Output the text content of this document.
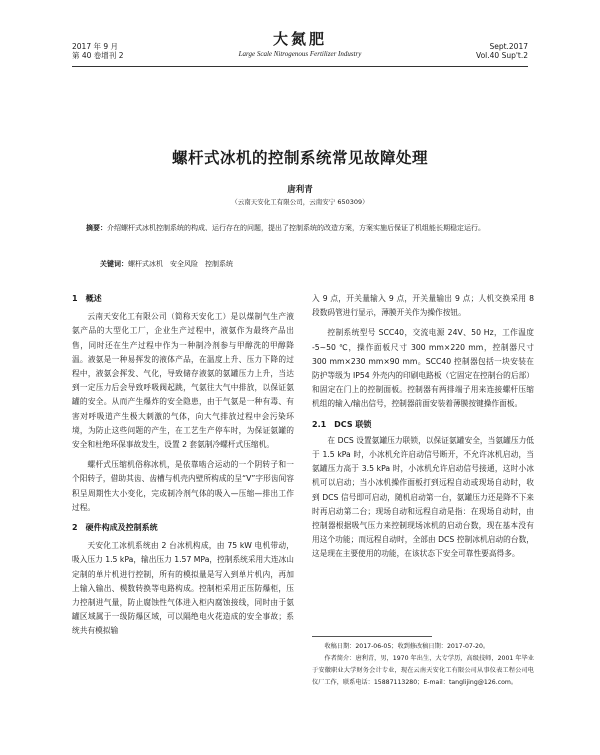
2017 年 9 月
第 40 卷增刊 2
大氮肥
Large Scale Nitrogenous Fertilizer Industry
Sept.2017
Vol.40 Sup't.2
螺杆式冰机的控制系统常见故障处理
唐利青
（云南天安化工有限公司，云南安宁 650309）
摘要：介绍螺杆式冰机控制系统的构成、运行存在的问题，提出了控制系统的改造方案，方案实施后保证了机组能长期稳定运行。
关键词：螺杆式冰机　安全风险　控制系统
1　概述

云南天安化工有限公司（简称天安化工）是以煤制气生产液氨产品的大型化工厂，企业生产过程中，液氨作为最终产品出售，同时还在生产过程中作为一种制冷剂参与甲醇洗的甲醇降温。液氨是一种易挥发的液体产品，在温度上升、压力下降的过程中，液氨会挥发、气化，导致储存液氨的氨罐压力上升，当达到一定压力后会导致呼吸阀起跳，气氨往大气中排放，以保证氨罐的安全。从而产生爆炸的安全隐患，由于气氨是一种有毒、有害对呼吸道产生极大刺激的气体，向大气排放过程中会污染环境，为防止这些问题的产生，在工艺生产停车时，为保证氨罐的安全和杜绝环保事故发生，设置 2 套氨制冷螺杆式压缩机。

螺杆式压缩机俗称冰机，是依靠啮合运动的一个阴转子和一个阳转子，借助其齿、齿槽与机壳内壁所构成的呈“V”字形齿间容积呈周期性大小变化，完成制冷剂气体的吸入—压缩—排出工作过程。

2　硬件构成及控制系统

天安化工冰机系统由 2 台冰机构成，由 75 kW 电机带动，吸入压力 1.5 kPa，输出压力 1.57 MPa，控制系统采用大连冰山定制的单片机进行控制，所有的模拟量是写入到单片机内，再加上输入输出、模数转换等电路构成。控制柜采用正压防爆柜，压力控制进气量，防止腐蚀性气体进入柜内腐蚀接线，同时由于氨罐区域属于一级防爆区域，可以隔绝电火花造成的安全事故；系统共有模拟输

入 9 点，开关量输入 9 点，开关量输出 9 点；人机交换采用 8 段数码管进行显示，薄膜开关作为操作按钮。

控制系统型号 SCC40，交流电源 24V、50 Hz，工作温度 -5~50 ℃，操作面板尺寸 300 mm×220 mm，控制器尺寸 300 mm×230 mm×90 mm。SCC40 控制器包括一块安装在防护等级为 IP54 外壳内的印刷电路板（它固定在控制台的后部）和固定在门上的控制面板。控制器有两排端子用来连接螺杆压缩机组的输入/输出信号，控制器前面安装着薄膜按键操作面板。

2.1　DCS 联锁

在 DCS 设置氨罐压力联锁，以保证氨罐安全，当氨罐压力低于 1.5 kPa 时，小冰机允许启动信号断开，不允许冰机启动，当氨罐压力高于 3.5 kPa 时，小冰机允许启动信号接通，这时小冰机可以启动；当小冰机操作面板打到远程自动或现场自动时，收到 DCS 信号即可启动，随机启动第一台，氨罐压力还是降不下来时再启动第二台；现场自动和远程自动是指：在现场自动时，由控制器根据吸气压力来控制现场冰机的启动台数，现在基本没有用这个功能；而远程自动时，全部由 DCS 控制冰机启动的台数，这是现在主要使用的功能，在该状态下安全可靠性要高得多。

收稿日期：2017-06-05；收到修改稿日期：2017-07-20。
作者简介：唐利青，男，1970 年出生，大专学历，高级技师，2001 年毕业于安徽职业大学财务会计专业，现在云南天安化工有限公司从事仪表工程公司电仪厂工作，联系电话：15887113280；E-mail：tanglijing@126.com。
